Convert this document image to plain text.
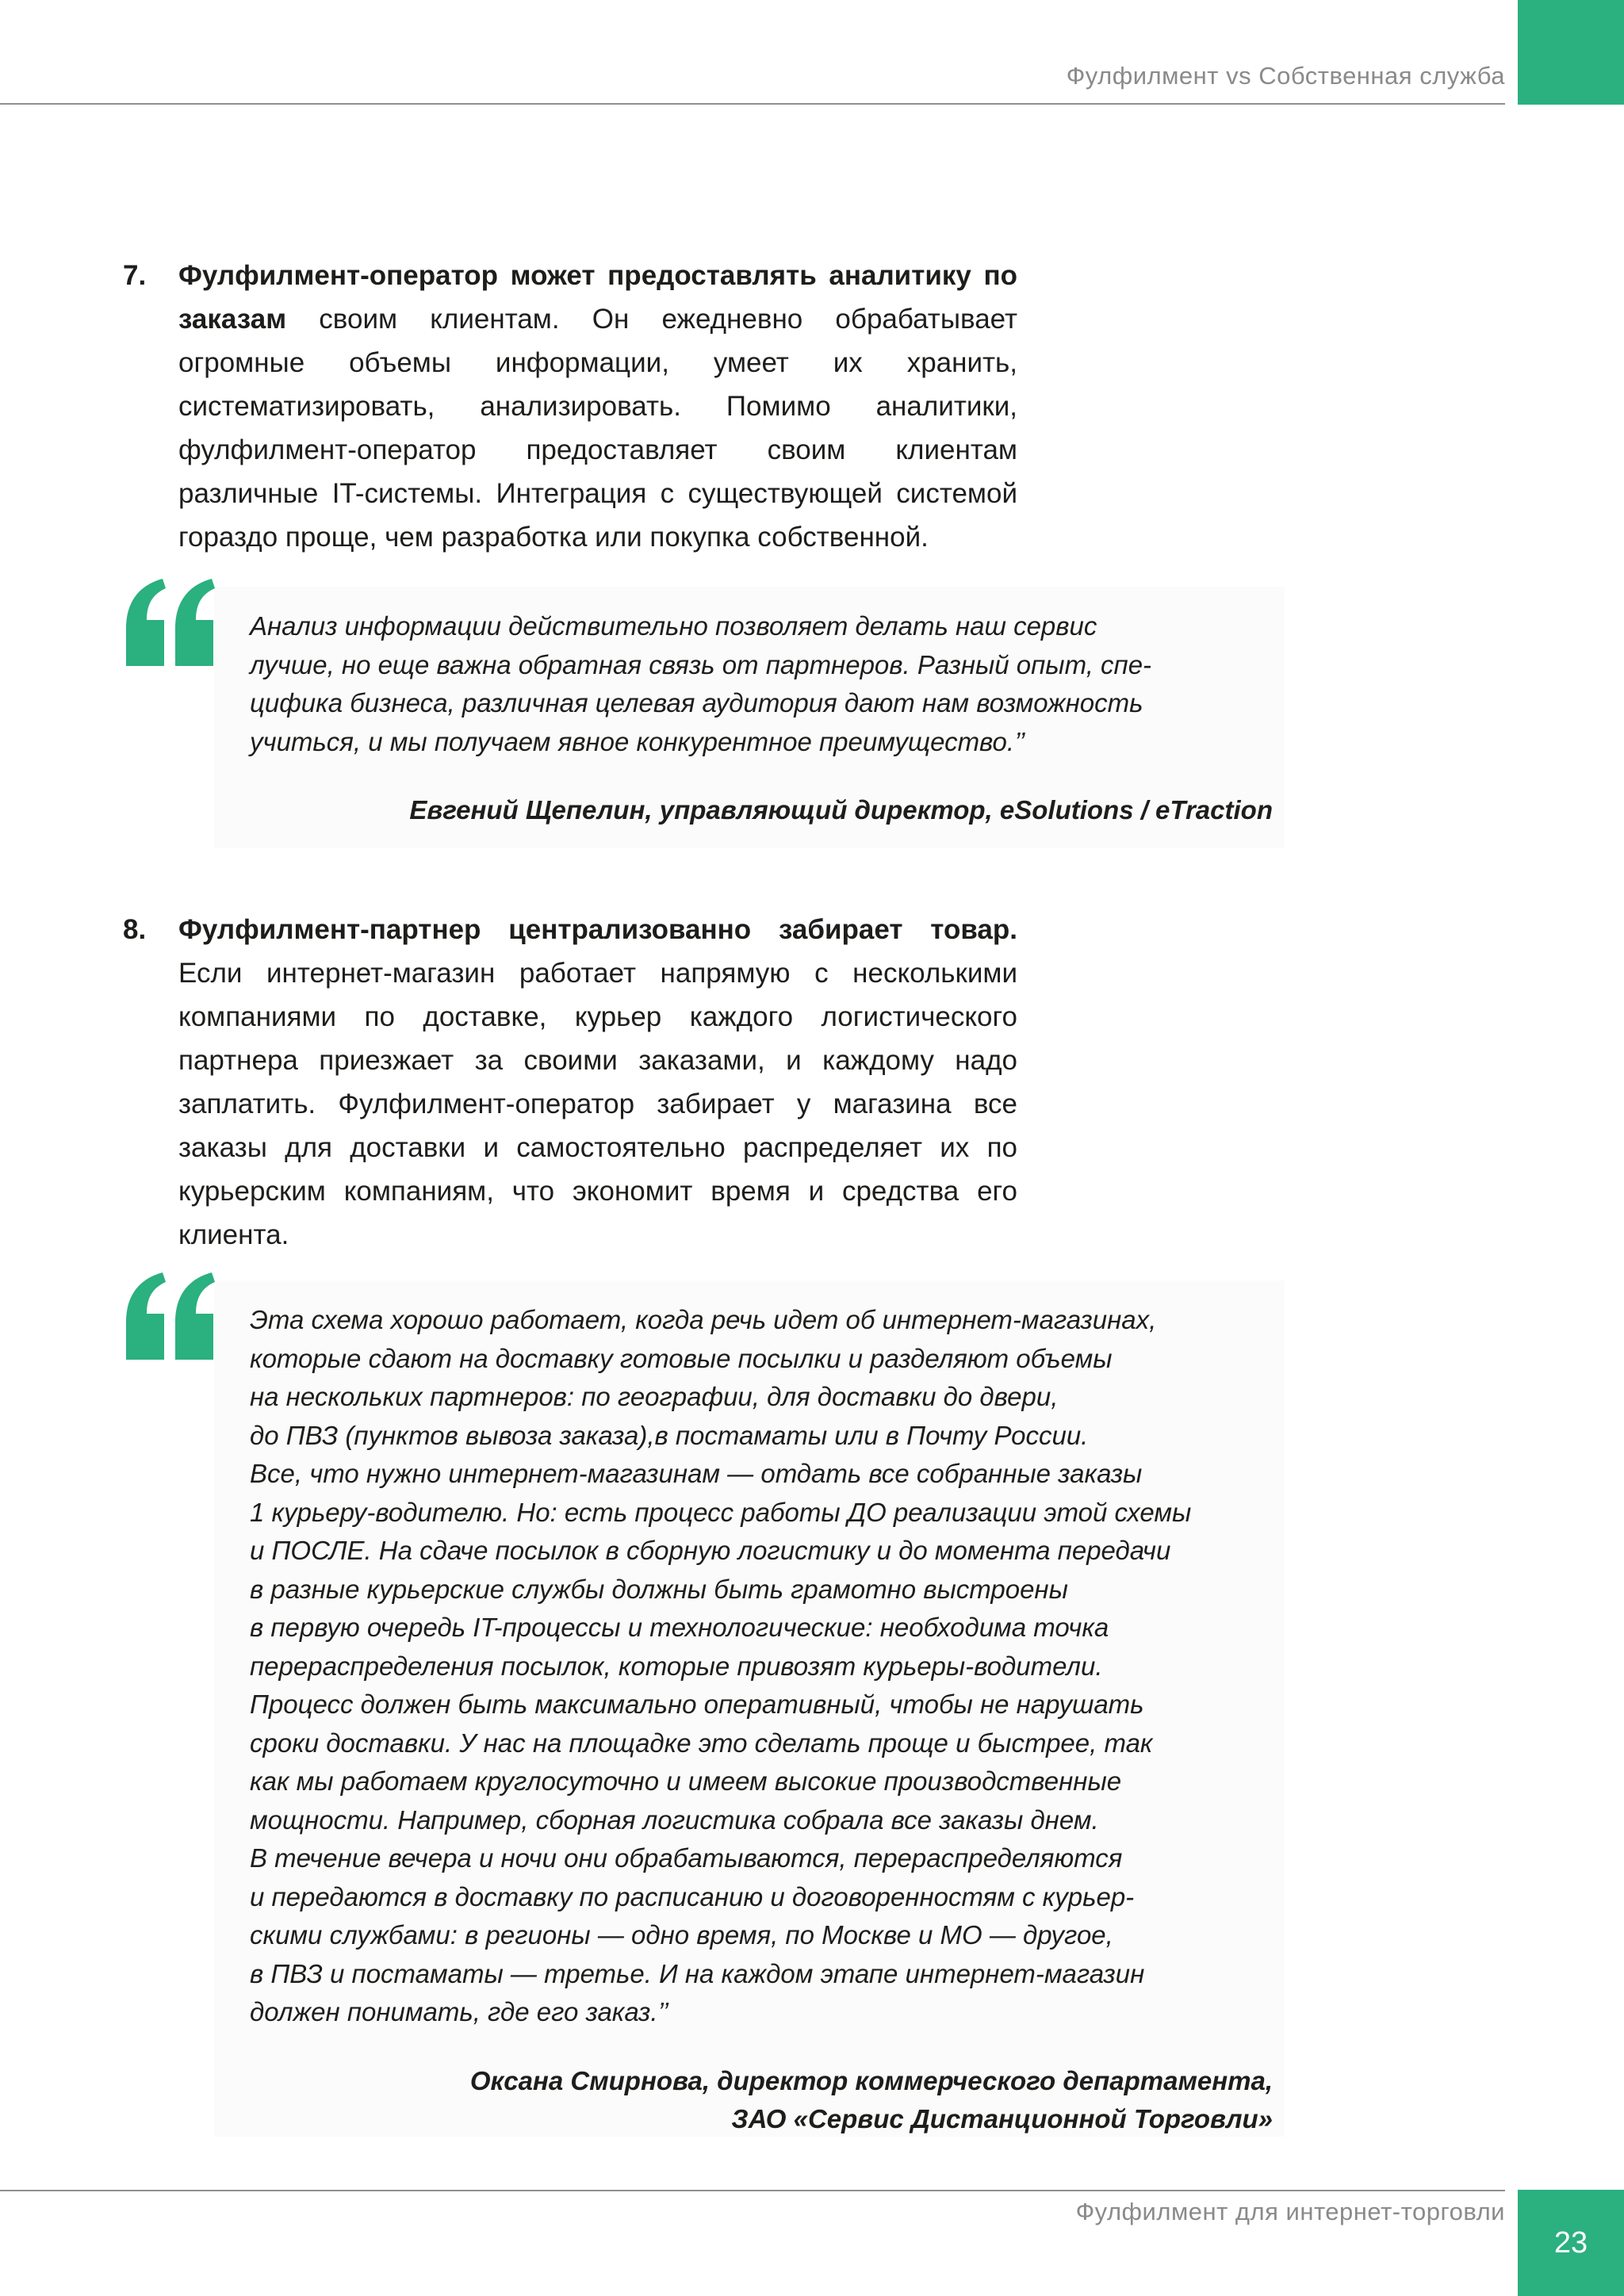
Фулфилмент vs Собственная служба
7. Фулфилмент-оператор может предоставлять аналитику по заказам своим клиентам. Он ежедневно обрабатывает огромные объемы информации, умеет их хранить, систематизировать, анализировать. Помимо аналитики, фулфилмент-оператор предоставляет своим клиентам различные IT-системы. Интеграция с существующей системой гораздо проще, чем разработка или покупка собственной.
Анализ информации действительно позволяет делать наш сервис
лучше, но еще важна обратная связь от партнеров. Разный опыт, спе-
цифика бизнеса, различная целевая аудитория дают нам возможность
учиться, и мы получаем явное конкурентное преимущество.’’
Евгений Щепелин, управляющий директор, eSolutions / eTraction
8. Фулфилмент-партнер централизованно забирает товар. Если интернет-магазин работает напрямую с несколькими компаниями по доставке, курьер каждого логистического партнера приезжает за своими заказами, и каждому надо заплатить. Фулфилмент-оператор забирает у магазина все заказы для доставки и самостоятельно распределяет их по курьерским компаниям, что экономит время и средства его клиента.
Эта схема хорошо работает, когда речь идет об интернет-магазинах,
которые сдают на доставку готовые посылки и разделяют объемы
на нескольких партнеров: по географии, для доставки до двери,
до ПВЗ (пунктов вывоза заказа),в постаматы или в Почту России.
Все, что нужно интернет-магазинам — отдать все собранные заказы
1 курьеру-водителю. Но: есть процесс работы ДО реализации этой схемы
и ПОСЛЕ. На сдаче посылок в сборную логистику и до момента передачи
в разные курьерские службы должны быть грамотно выстроены
в первую очередь IT-процессы и технологические: необходима точка
перераспределения посылок, которые привозят курьеры-водители.
Процесс должен быть максимально оперативный, чтобы не нарушать
сроки доставки. У нас на площадке это сделать проще и быстрее, так
как мы работаем круглосуточно и имеем высокие производственные
мощности. Например, сборная логистика собрала все заказы днем.
В течение вечера и ночи они обрабатываются, перераспределяются
и передаются в доставку по расписанию и договоренностям с курьер-
скими службами: в регионы — одно время, по Москве и МО — другое,
в ПВЗ и постаматы — третье. И на каждом этапе интернет-магазин
должен понимать, где его заказ.’’
Оксана Смирнова, директор коммерческого департамента,
ЗАО «Сервис Дистанционной Торговли»
Фулфилмент для интернет-торговли
23
